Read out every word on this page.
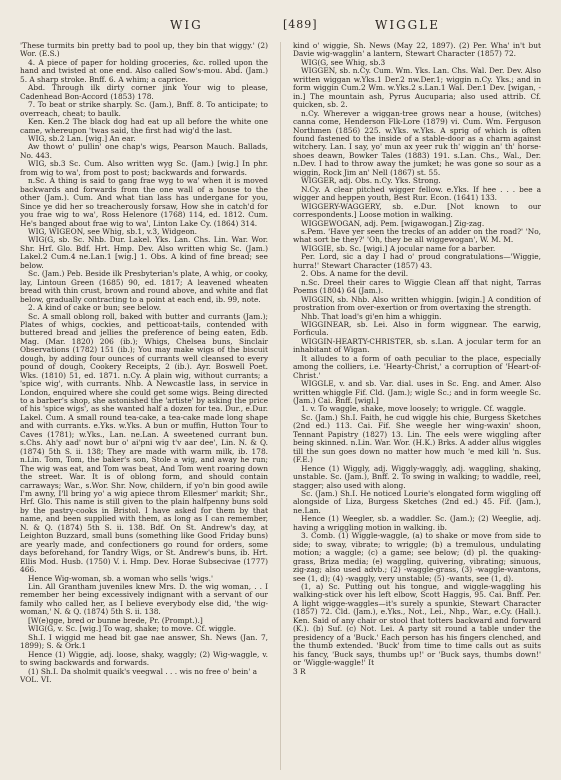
WIG	[489]	WIGGLE

'These turmits bin pretty bad to pool up, they bin that wiggy.' (2) Wor. (E.S.)

4. A piece of paper for holding groceries, &c. rolled upon the hand and twisted at one end. Also called Sow's-mou. Abd. (Jam.) 5. A sharp stroke. Bnff. 6. A whim; a caprice.

Abd. Through ilk dirty corner jink Your wig to please, Cadenhead Bon-Accord (1853) 178.

7. To beat or strike sharply. Sc. (Jam.), Bnff. 8. To anticipate; to overreach, cheat; to baulk.

Ken. Ken.2 The black dog had eat up all before the white one came, whereupon 'twas said, the first had wig'd the last.

WIG, sb.2 Lan. [wig.] An ear.

Aw thowt o' pullin' one chap's wigs, Pearson Mauch. Ballads, No. 443.

WIG, sb.3 Sc. Cum. Also written wyg Sc. (Jam.) [wig.] In phr. from wig to wa', from post to post; backwards and forwards.

n.Sc. A thing is said to gang frae wyg to wa' when it is moved backwards and forwards from the one wall of a house to the other (Jam.). Cum. And what tian lass has undergane for you, Since ye did her so treacherously forsaw, How she in catch'd for you frae wig to wa', Ross Helenore (1768) 114, ed. 1812. Cum. He's banged about frae wig to wa', Linton Lake Cy. (1864) 314.

WIG, WIGEON, see Whig, sb.1, v.3, Widgeon.

WIG(G, sb. Sc. Nhb. Dur. Lakel. Yks. Lan. Chs. Lin. War. Wor. Shr. Hrf. Glo. Bdf. Hrt. Hmp. Dev. Also written whig Sc. (Jam.) Lakel.2 Cum.4 ne.Lan.1 [wig.] 1. Obs. A kind of fine bread; see below.

Sc. (Jam.) Peb. Beside ilk Presbyterian's plate, A whig, or cooky, lay, Lintoun Green (1685) 90, ed. 1817; A leavened wheaten bread with thin crust, brown and round above, and white and flat below, gradually contracting to a point at each end, ib. 99, note.

2. A kind of cake or bun; see below.

Sc. A small oblong roll, baked with butter and currants (Jam.); Plates of whigs, cockies, and petticoat-tails, contended with buttered bread and jellies the preference of being eaten, Edb. Mag. (Mar. 1820) 206 (ib.); Whigs, Chelsea buns, Sinclair Observations (1782) 151 (ib.); You may make wigs of the biscuit dough, by adding four ounces of currants well cleansed to every pound of dough, Cookery Receipts, 2 (ib.). Ayr. Boswell Poet. Wks. (1810) 51, ed. 1871. n.Cy. A plain wig, without currants; a 'spice wig', with currants. Nhb. A Newcastle lass, in service in London, enquired where she could get some wigs. Being directed to a barber's shop, she astonished the 'artiste' by asking the price of his 'spice wigs', as she wanted half a dozen for tea. Dur., e.Dur. Lakel. Cum. A small round tea-cake, a tea-cake made long shape and with currants. e.Yks. w.Yks. A bun or muffin, Hutton Tour to Caves (1781); w.Yks., Lan. ne.Lan. A sweetened currant bun. s.Chs. Ah'y aad' nowt bur o' ai'pni wig t'v aar dee', Lin. N. & Q. (1874) 5th S. ii. 138; They are made with warm milk, ib. 178. n.Lin. Tom, Tom, the baker's son, Stole a wig, and away he run; The wig was eat, and Tom was beat, And Tom went roaring down the street. War. It is of oblong form, and should contain carraways; War., s.Wor. Shr. Now, childern, if yo'n bin good awile I'm awny, I'll bring yo' a wig apiece throm Ellesmer' markit; Shr., Hrf. Glo. This name is still given to the plain halfpenny buns sold by the pastry-cooks in Bristol. I have asked for them by that name, and been supplied with them, as long as I can remember, N. & Q. (1874) 5th S. ii. 138. Bdf. On St. Andrew's day, at Leighton Buzzard, small buns (something like Good Friday buns) are yearly made, and confectioners go round for orders, some days beforehand, for Tandry Wigs, or St. Andrew's buns, ib. Hrt. Ellis Mod. Husb. (1750) V. i. Hmp. Dev. Horae Subsecivae (1777) 466.

Hence Wig-woman, sb. a woman who sells 'wigs.'

Lin. All Grantham juveniles knew Mrs. D. the wig woman, . . I remember her being excessively indignant with a servant of our family who called her, as I believe everybody else did, 'the wig-woman,' N. & Q. (1874) 5th S. ii. 138.

[W(e)gge, bred or bunne brede, Pr. (Prompt.).]

WIG(G, v. Sc. [wig.] To wag, shake; to move. Cf. wiggle.

Sh.I. I wiggid me head bit gae nae answer, Sh. News (Jan. 7, 1899); S. & Ork.1

Hence (1) Wiggie, adj. loose, shaky, waggly; (2) Wig-waggle, v. to swing backwards and forwards.

(1) Sh.I. Da sholmit quaik's veegwal . . . wis no free o' bein' a

VOL. VI.

kind o' wiggie, Sh. News (May 22, 1897). (2) Per. Wha' in't but Davie wig-wagglin' a lantern, Stewart Character (1857) 72.

WIG(G, see Whig, sb.3

WIGGEN, sb. n.Cy. Cum. Wm. Yks. Lan. Chs. Wal. Der. Dev. Also written wiggan w.Yks.1 Der.2 nw.Der.1; wiggin n.Cy. Yks.; and in form wiggin Cum.2 Wm. w.Yks.2 s.Lan.1 Wal. Der.1 Dev. [wigan, -in.] The mountain ash, Pyrus Aucuparia; also used attrib. Cf. quicken, sb. 2.

n.Cy. Wherever a wiggan-tree grows near a house, (witches) canna come, Henderson Flk-Lore (1879) vi. Cum. Wm. Ferguson Northmen (1856) 225. w.Yks. w.Yks. A sprig of which is often found fastened to the inside of a stable-door as a charm against witchery. Lan. I say, yo' mun ax yeer ruk th' wiggin an' th' horse-shoes deawn, Bowker Tales (1883) 191. s.Lan. Chs., Wal., Der. n.Dev. I had to throw away the jumket; he was gone so sour as a wiggin, Rock Jim an' Nell (1867) st. 55.

WIGGER, adj. Obs. n.Cy. Yks. Strong.

N.Cy. A clear pitched wigger fellow. e.Yks. If hee . . . bee a wigger and heppen youth, Best Rur. Econ. (1641) 133.

WIGGERY-WAGGERY, sb. e.Dur. [Not known to our correspondents.] Loose motion in walking.

WIGGEWOGAN, adj. Pem. [wigawogan.] Zig-zag.

s.Pem. 'Have yer seen the trecks of an adder on the road?' 'No, what sort be they?' 'Oh, they be all wiggewogan', W. M. M.

WIGGIE, sb. Sc. [wigi.] A jocular name for a barber.

Per. Lord, sic a day I had o' proud congratulations—'Wiggie, hurra!' Stewart Character (1857) 43.

2. Obs. A name for the devil.

n.Sc. Dreel their cares to Wiggie Clean aff that night, Tarras Poems (1804) 64 (Jam.).

WIGGIN, sb. Nhb. Also written whiggin. [wigin.] A condition of prostration from over-exertion or from overtaxing the strength.

Nhb. That load's gi'en him a whiggin.

WIGGINEAR, sb. Lei. Also in form wiggnear. The earwig, Forficula.

WIGGIN-HEARTY-CHRISTER, sb. s.Lan. A jocular term for an inhabitant of Wigan.

It alludes to a form of oath peculiar to the place, especially among the colliers, i.e. 'Hearty-Christ,' a corruption of 'Heart-of-Christ.'

WIGGLE, v. and sb. Var. dial. uses in Sc. Eng. and Amer. Also written whiggle Fif. Cld. (Jam.); wigle Sc.; and in form weegle Sc. (Jam.) Cai. Bnff. [wigl.]

1. v. To waggle, shake, move loosely; to wriggle. Cf. waggle.

Sc. (Jam.) Sh.I. Faith, he cud wiggle his chie, Burgess Sketches (2nd ed.) 113. Cai. Fif. She weegle her wing-waxin' shoon, Tennant Papistry (1827) 13. Lin. The eels were wiggling after being skinned. n.Lin. War. Wor. (H.K.) Brks. A adder allus wiggles till the sun goes down no matter how much 'e med kill 'n. Sus. (F.E.)

Hence (1) Wiggly, adj. Wiggly-waggly, adj. waggling, shaking, unstable. Sc. (Jam.), Bnff. 2. To swing in walking; to waddle, reel, stagger; also used with along.

Sc. (Jam.) Sh.I. He noticed Lourie's elongated form wiggling off alongside of Liza, Burgess Sketches (2nd ed.) 45. Fif. (Jam.), ne.Lan.

Hence (1) Weegler, sb. a waddler. Sc. (Jam.); (2) Weeglie, adj. having a wriggling motion in walking. ib.

3. Comb. (1) Wiggle-waggle, (a) to shake or move from side to side; to sway, vibrate; to wriggle; (b) a tremulous, undulating motion; a waggle; (c) a game; see below; (d) pl. the quaking-grass, Briza media; (e) waggling, quivering, vibrating; sinuous, zig-zag; also used advb.; (2) -waggle-grass, (3) -waggle-wantons, see (1, d); (4) -waggly, very unstable; (5) -wants, see (1, d).

(1, a) Sc. Putting out his tongue, and wiggle-waggling his walking-stick over his left elbow, Scott Haggis, 95. Cai. Bnff. Per. A light wigge-waggles—it's surely a spunkie, Stewart Character (1857) 72. Cld. (Jam.), e.Yks., Not., Lei., Nhp., War., e.Cy. (Hall.). Ken. Said of any chair or stool that totters backward and forward (K.). (b) Suf. (c) Not. Lei. A party sit round a table under the presidency of a 'Buck.' Each person has his fingers clenched, and the thumb extended. 'Buck' from time to time calls out as suits his fancy, 'Buck says, thumbs up!' or 'Buck says, thumbs down!' or 'Wiggle-waggle!' It

3 R
